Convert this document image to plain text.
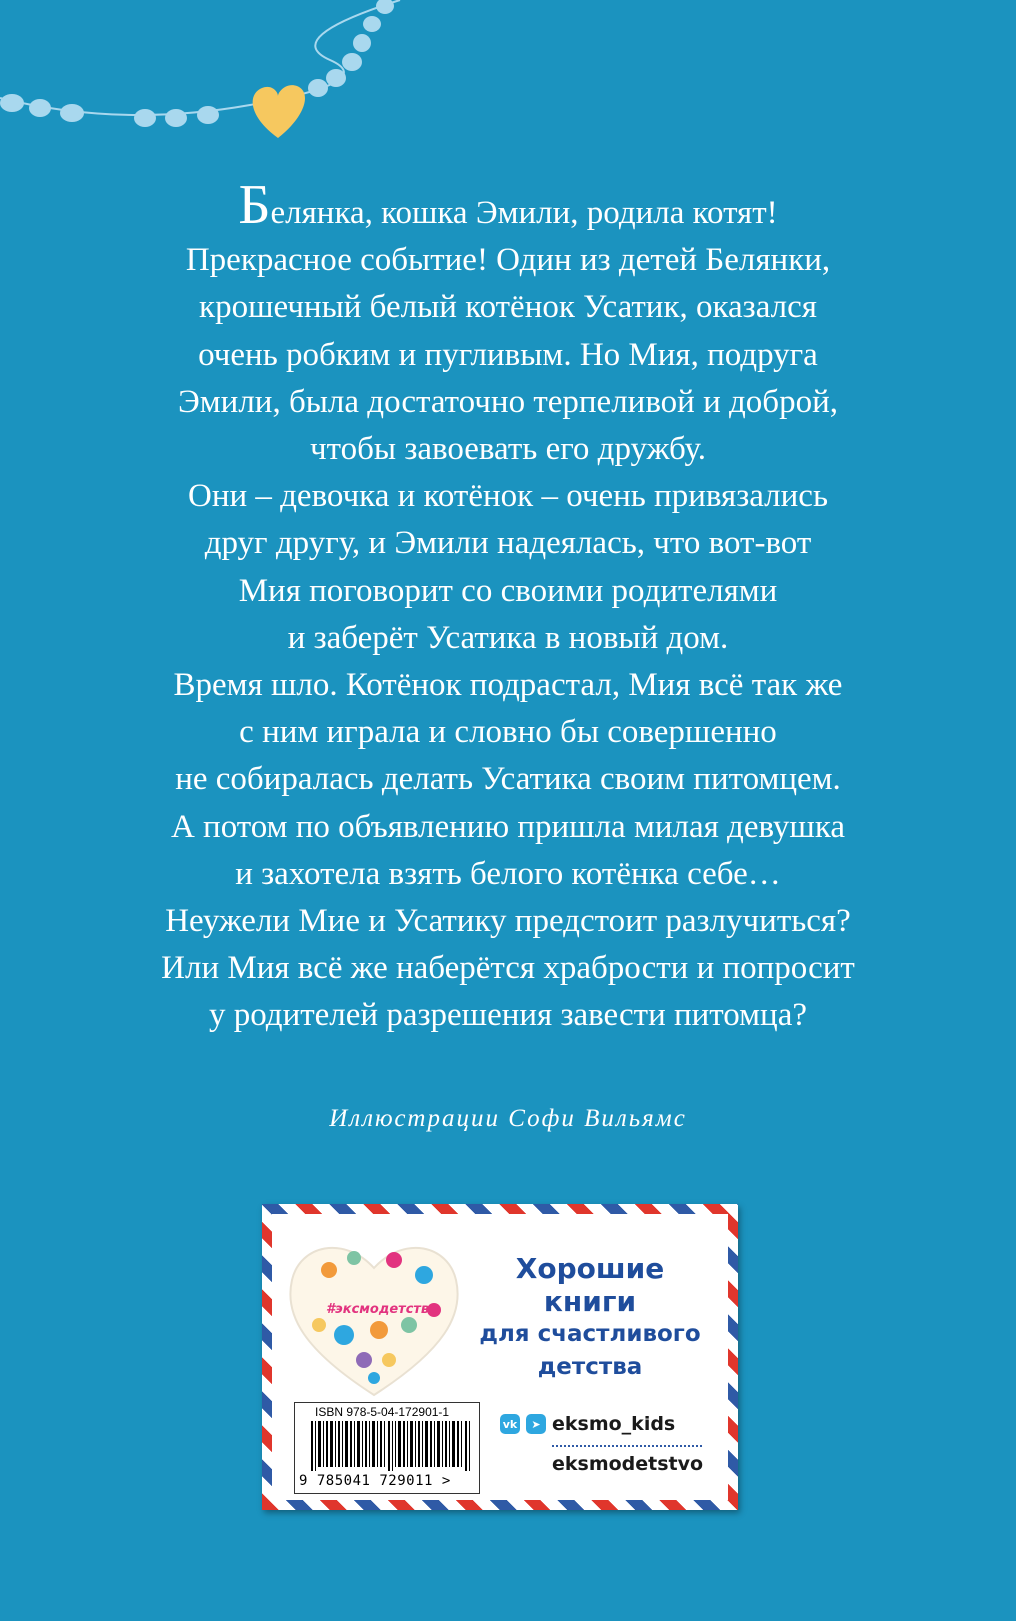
Белянка, кошка Эмили, родила котят!
Прекрасное событие! Один из детей Белянки,
крошечный белый котёнок Усатик, оказался
очень робким и пугливым. Но Мия, подруга
Эмили, была достаточно терпеливой и доброй,
чтобы завоевать его дружбу.
Они – девочка и котёнок – очень привязались
друг другу, и Эмили надеялась, что вот-вот
Мия поговорит со своими родителями
и заберёт Усатика в новый дом.
Время шло. Котёнок подрастал, Мия всё так же
с ним играла и словно бы совершенно
не собиралась делать Усатика своим питомцем.
А потом по объявлению пришла милая девушка
и захотела взять белого котёнка себе…
Неужели Мие и Усатику предстоит разлучиться?
Или Мия всё же наберётся храбрости и попросит
у родителей разрешения завести питомца?
Иллюстрации Софи Вильямс
#эксмодетство
Хорошие
книги
для счастливого
детства
vk	➤ eksmo_kids
eksmodetstvo
ISBN 978-5-04-172901-1
9 785041 729011 >
